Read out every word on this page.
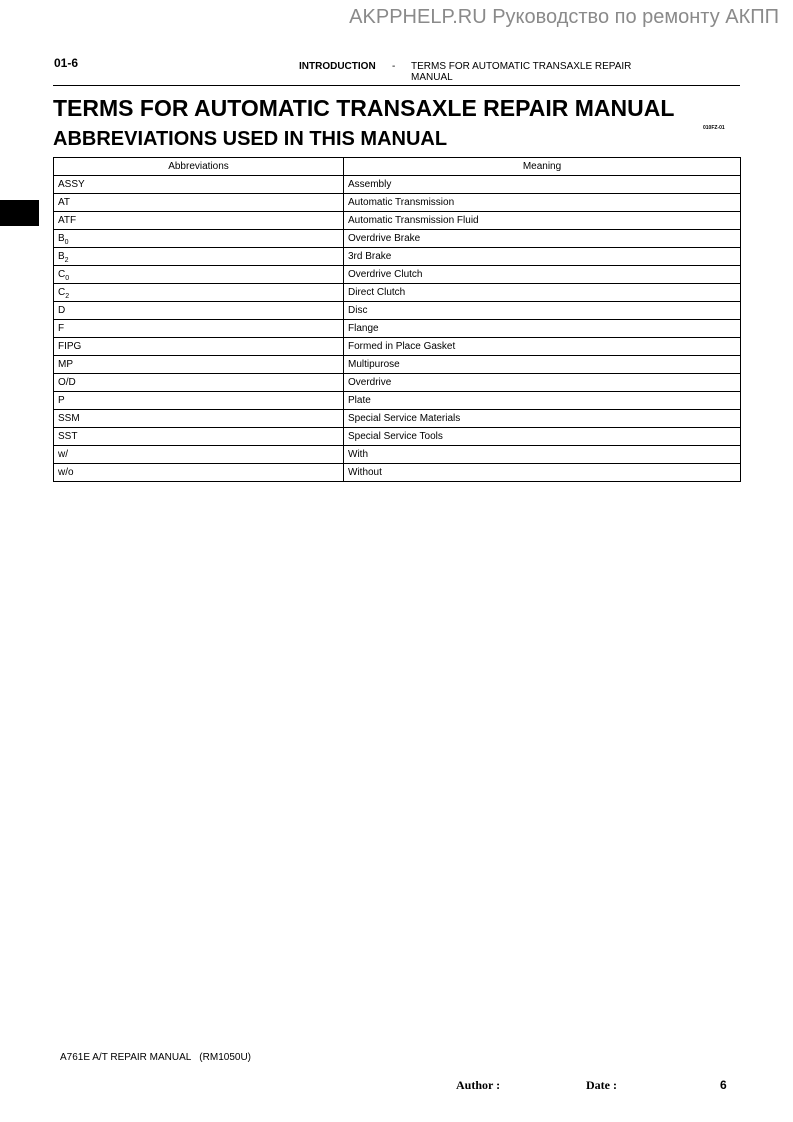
AKPPHELP.RU Руководство по ремонту АКПП
01-6	INTRODUCTION - TERMS FOR AUTOMATIC TRANSAXLE REPAIR MANUAL
TERMS FOR AUTOMATIC TRANSAXLE REPAIR MANUAL
ABBREVIATIONS USED IN THIS MANUAL	010FZ-01
Abbreviations	Meaning
ASSY	Assembly
AT	Automatic Transmission
ATF	Automatic Transmission Fluid
$B_0$	Overdrive Brake
$B_2$	3rd Brake
$C_0$	Overdrive Clutch
$C_2$	Direct Clutch
D	Disc
F	Flange
FIPG	Formed in Place Gasket
MP	Multipurose
O/D	Overdrive
P	Plate
SSM	Special Service Materials
SST	Special Service Tools
w/	With
w/o	Without
A761E A/T REPAIR MANUAL   (RM1050U)
Author :	Date :	6
